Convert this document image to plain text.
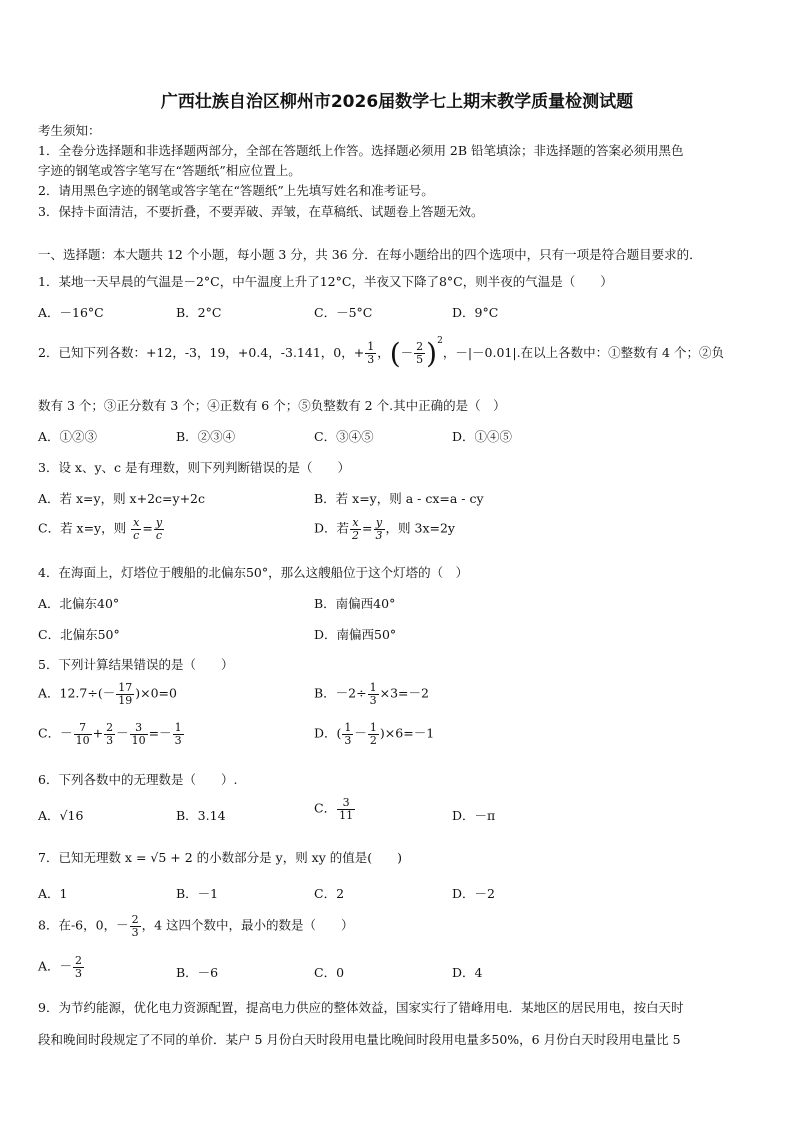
广西壮族自治区柳州市2026届数学七上期末教学质量检测试题
考生须知：
1．全卷分选择题和非选择题两部分，全部在答题纸上作答。选择题必须用 2B 铅笔填涂；非选择题的答案必须用黑色
字迹的钢笔或答字笔写在“答题纸”相应位置上。
2．请用黑色字迹的钢笔或答字笔在“答题纸”上先填写姓名和准考证号。
3．保持卡面清洁，不要折叠，不要弄破、弄皱，在草稿纸、试题卷上答题无效。
一、选择题：本大题共 12 个小题，每小题 3 分，共 36 分．在每小题给出的四个选项中，只有一项是符合题目要求的．
1．某地一天早晨的气温是－2°C，中午温度上升了12°C，半夜又下降了8°C，则半夜的气温是（　　）
A．－16°C	B．2°C	C．－5°C	D．9°C
2．已知下列各数：+12，-3，19，+0.4，-3.141，0，+ $\frac{1}{3}$ ，(－ $\frac{2}{5} )^2$，－|－0.01|.在以上各数中：①整数有 4 个；②负
数有 3 个；③正分数有 3 个；④正数有 6 个；⑤负整数有 2 个.其中正确的是（　）
A．①②③	B．②③④	C．③④⑤	D．①④⑤
3．设 x、y、c 是有理数，则下列判断错误的是（　　）
A．若 x=y，则 x+2c=y+2c	B．若 x=y，则 a - cx=a - cy
C．若 x=y，则 $\frac{x}{c} = \frac{y}{c}$	D．若 $\frac{x}{2} = \frac{y}{3}$ ，则 3x=2y
4．在海面上，灯塔位于艘船的北偏东50°，那么这艘船位于这个灯塔的（　）
A．北偏东40°	B．南偏西40°
C．北偏东50°	D．南偏西50°
5．下列计算结果错误的是（　　）
A．$12.7\div(- \frac{17}{19} )\times 0=0$	B．$-2\div \frac{1}{3} \times 3=-2$
C．－ $\frac{7}{10} + \frac{2}{3} - \frac{3}{10} =- \frac{1}{3}$	D．( $\frac{1}{3} - \frac{1}{2} )\times 6=-1$
6．下列各数中的无理数是（　　）.
A．√16	B．3.14	C． $\frac{3}{11}$	D．－π
7．已知无理数 x = √5 + 2 的小数部分是 y，则 xy 的值是(　　)
A．1	B．－1	C．2	D．－2
8．在-6，0，－ $\frac{2}{3}$ ，4 这四个数中，最小的数是（　　）
A．－ $\frac{2}{3}$	B．－6	C．0	D．4
9．为节约能源，优化电力资源配置，提高电力供应的整体效益，国家实行了错峰用电．某地区的居民用电，按白天时
段和晚间时段规定了不同的单价．某户 5 月份白天时段用电量比晚间时段用电量多50%，6 月份白天时段用电量比 5
